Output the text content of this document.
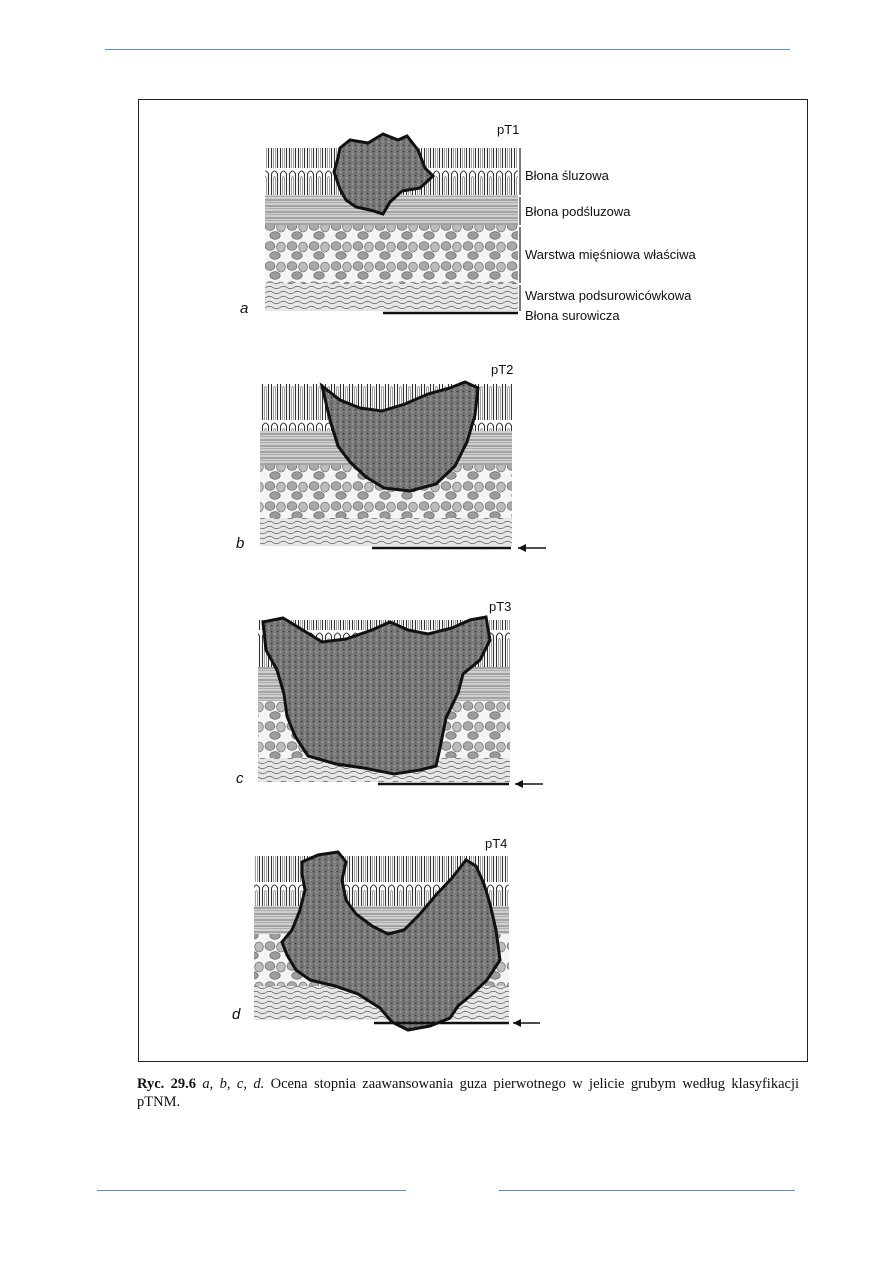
pT1
a
Błona śluzowa
Błona podśluzowa
Warstwa mięśniowa właściwa
Warstwa podsurowicówkowa
Błona surowicza
pT2
b
pT3
c
pT4
d
Ryc. 29.6 a, b, c, d. Ocena stopnia zaawansowania guza pierwotnego w jelicie grubym według klasyfikacji pTNM.
